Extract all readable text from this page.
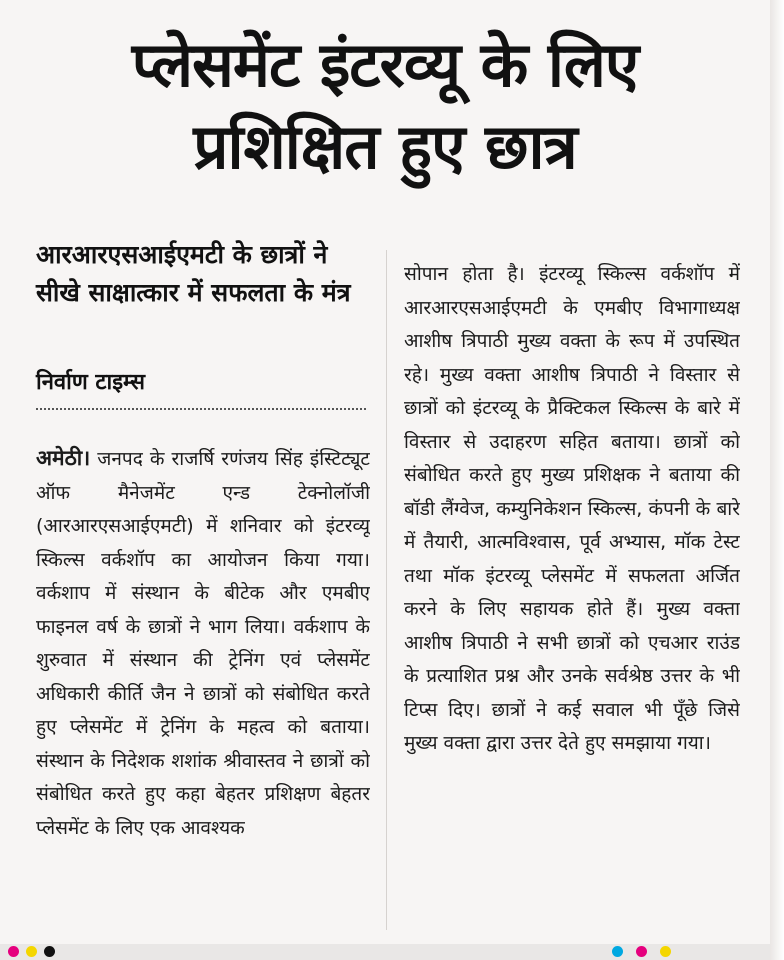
प्लेसमेंट इंटरव्यू के लिए
प्रशिक्षित हुए छात्र
आरआरएसआईएमटी के छात्रों ने सीखे साक्षात्कार में सफलता के मंत्र
निर्वाण टाइम्स

अमेठी। जनपद के राजर्षि रणंजय सिंह इंस्टिट्यूट ऑफ मैनेजमेंट एन्ड टेक्नोलॉजी (आरआरएसआईएमटी) में शनिवार को इंटरव्यू स्किल्स वर्कशॉप का आयोजन किया गया। वर्कशाप में संस्थान के बीटेक और एमबीए फाइनल वर्ष के छात्रों ने भाग लिया। वर्कशाप के शुरुवात में संस्थान की ट्रेनिंग एवं प्लेसमेंट अधिकारी कीर्ति जैन ने छात्रों को संबोधित करते हुए प्लेसमेंट में ट्रेनिंग के महत्व को बताया। संस्थान के निदेशक शशांक श्रीवास्तव ने छात्रों को संबोधित करते हुए कहा बेहतर प्रशिक्षण बेहतर प्लेसमेंट के लिए एक आवश्यक

सोपान होता है। इंटरव्यू स्किल्स वर्कशॉप में आरआरएसआईएमटी के एमबीए विभागाध्यक्ष आशीष त्रिपाठी मुख्य वक्ता के रूप में उपस्थित रहे। मुख्य वक्ता आशीष त्रिपाठी ने विस्तार से छात्रों को इंटरव्यू के प्रैक्टिकल स्किल्स के बारे में विस्तार से उदाहरण सहित बताया। छात्रों को संबोधित करते हुए मुख्य प्रशिक्षक ने बताया की बॉडी लैंग्वेज, कम्युनिकेशन स्किल्स, कंपनी के बारे में तैयारी, आत्मविश्वास, पूर्व अभ्यास, मॉक टेस्ट तथा मॉक इंटरव्यू प्लेसमेंट में सफलता अर्जित करने के लिए सहायक होते हैं। मुख्य वक्ता आशीष त्रिपाठी ने सभी छात्रों को एचआर राउंड के प्रत्याशित प्रश्न और उनके सर्वश्रेष्ठ उत्तर के भी टिप्स दिए। छात्रों ने कई सवाल भी पूँछे जिसे मुख्य वक्ता द्वारा उत्तर देते हुए समझाया गया।
